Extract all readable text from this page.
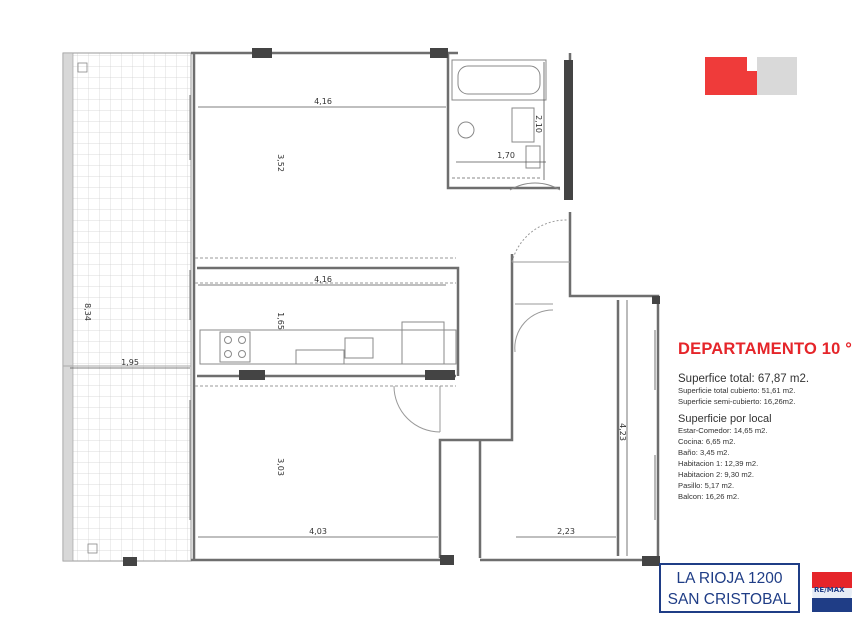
4,16
3,52	1,70
2,10
4,16
1,65
8,34
1,95
3,03
4,03
4,23
2,23
DEPARTAMENTO 10 °
Superfice total: 67,87 m2.
Superficie total cubierto: 51,61 m2.
Superficie semi-cubierto: 16,26m2.
Superficie por local
Estar-Comedor: 14,65 m2.
Cocina: 6,65 m2.
Baño: 3,45 m2.
Habitacion 1: 12,39 m2.
Habitacion 2: 9,30 m2.
Pasillo: 5,17 m2.
Balcon: 16,26 m2.
LA RIOJA 1200
SAN CRISTOBAL
RE/MAX
